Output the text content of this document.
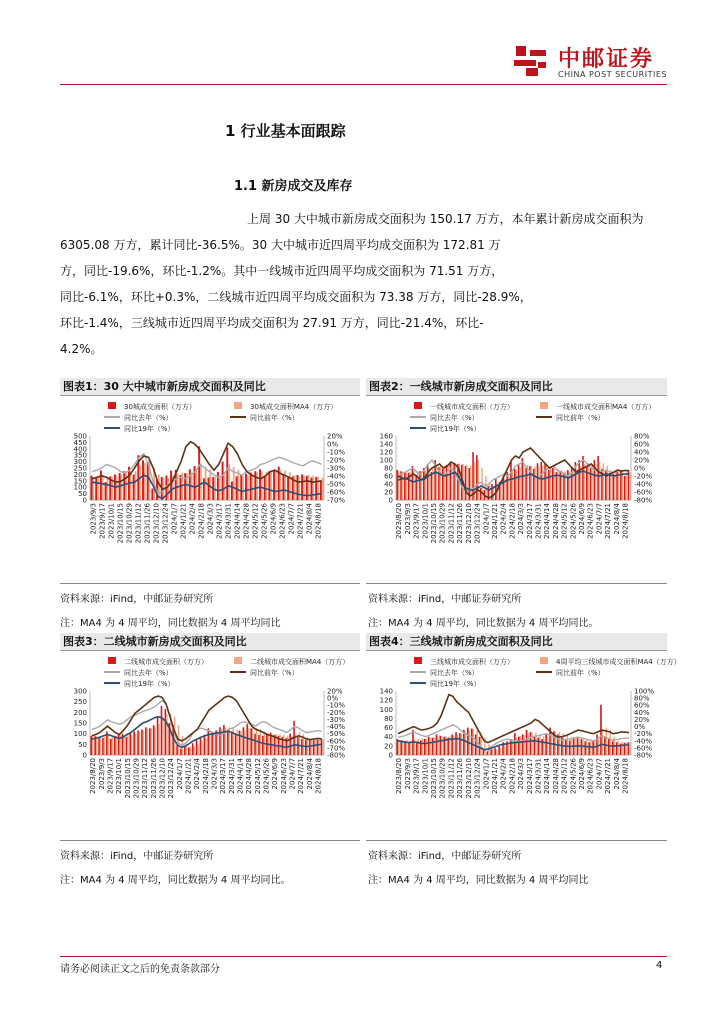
中邮证券
CHINA POST SECURITIES
1 行业基本面跟踪
1.1 新房成交及库存
上周 30 大中城市新房成交面积为 150.17 万方，本年累计新房成交面积为
6305.08 万方，累计同比-36.5%。30 大中城市近四周平均成交面积为 172.81 万
方，同比-19.6%，环比-1.2%。其中一线城市近四周平均成交面积为 71.51 万方，
同比-6.1%，环比+0.3%，二线城市近四周平均成交面积为 73.38 万方，同比-28.9%，
环比-1.4%，三线城市近四周平均成交面积为 27.91 万方，同比-21.4%，环比-
4.2%。
图表1：30 大中城市新房成交面积及同比
30城成交面积（万方）	30城成交面积MA4（万方）
同比去年（%）	同比前年（%）
同比19年（%）
0
50
100
150
200
250
300
350
400
450
500	20%
0%
-10%
-20%
-30%
-40%
-50%
-60%
-70%
2023/9/3 2023/9/17 2023/10/1 2023/10/15 2023/10/29 2023/11/12 2023/11/26 2023/12/10 2023/12/24 2024/1/7 2024/1/21 2024/2/4 2024/2/18 2024/3/3 2024/3/17 2024/3/31 2024/4/14 2024/4/28 2024/5/12 2024/5/26 2024/6/9 2024/6/23 2024/7/7 2024/7/21 2024/8/4 2024/8/18
图表2：一线城市新房成交面积及同比
一线城市成交面积（万方）	一线城市成交面积MA4（万方）
同比去年（%）	同比前年（%）
同比19年（%）
0
20
40
60
80
100
120
140
160	80%
60%
40%
20%
0%
-20%
-40%
-60%
-80%
2023/8/20 2023/9/3 2023/9/17 2023/10/1 2023/10/15 2023/10/29 2023/11/12 2023/11/26 2023/12/10 2023/12/24 2024/1/7 2024/1/21 2024/2/4 2024/2/18 2024/3/3 2024/3/17 2024/3/31 2024/4/14 2024/4/28 2024/5/12 2024/5/26 2024/6/9 2024/6/23 2024/7/7 2024/7/21 2024/8/4 2024/8/18
图表3：二线城市新房成交面积及同比
二线城市成交面积（万方）	二线城市成交面积MA4（万方）
同比去年（%）	同比前年（%）
同比19年（%）
0
50
100
150
200
250
300	20%
0%
-10%
-20%
-30%
-40%
-50%
-60%
-70%
-80%
2023/8/20 2023/9/3 2023/9/17 2023/10/1 2023/10/15 2023/10/29 2023/11/12 2023/11/26 2023/12/10 2023/12/24 2024/1/7 2024/1/21 2024/2/4 2024/2/18 2024/3/3 2024/3/17 2024/3/31 2024/4/14 2024/4/28 2024/5/12 2024/5/26 2024/6/9 2024/6/23 2024/7/7 2024/7/21 2024/8/4 2024/8/18
图表4：三线城市新房成交面积及同比
三线城市成交面积（万方）	4周平均三线城市成交面积MA4（万方）
同比去年（%）	同比前年（%）
同比19年（%）
0
20
40
60
80
100
120
140	100%
80%
60%
40%
20%
0%
-20%
-40%
-60%
-80%
2023/8/20 2023/9/3 2023/9/17 2023/10/1 2023/10/15 2023/10/29 2023/11/12 2023/11/26 2023/12/10 2023/12/24 2024/1/7 2024/1/21 2024/2/4 2024/2/18 2024/3/3 2024/3/17 2024/3/31 2024/4/14 2024/4/28 2024/5/12 2024/5/26 2024/6/9 2024/6/23 2024/7/7 2024/7/21 2024/8/4 2024/8/18
资料来源：iFind，中邮证券研究所	资料来源：iFind，中邮证券研究所
注：MA4 为 4 周平均，同比数据为 4 周平均同比	注：MA4 为 4 周平均，同比数据为 4 周平均同比。
资料来源：iFind，中邮证券研究所	资料来源：iFind，中邮证券研究所
注：MA4 为 4 周平均，同比数据为 4 周平均同比。	注：MA4 为 4 周平均，同比数据为 4 周平均同比
请务必阅读正文之后的免责条款部分	4
